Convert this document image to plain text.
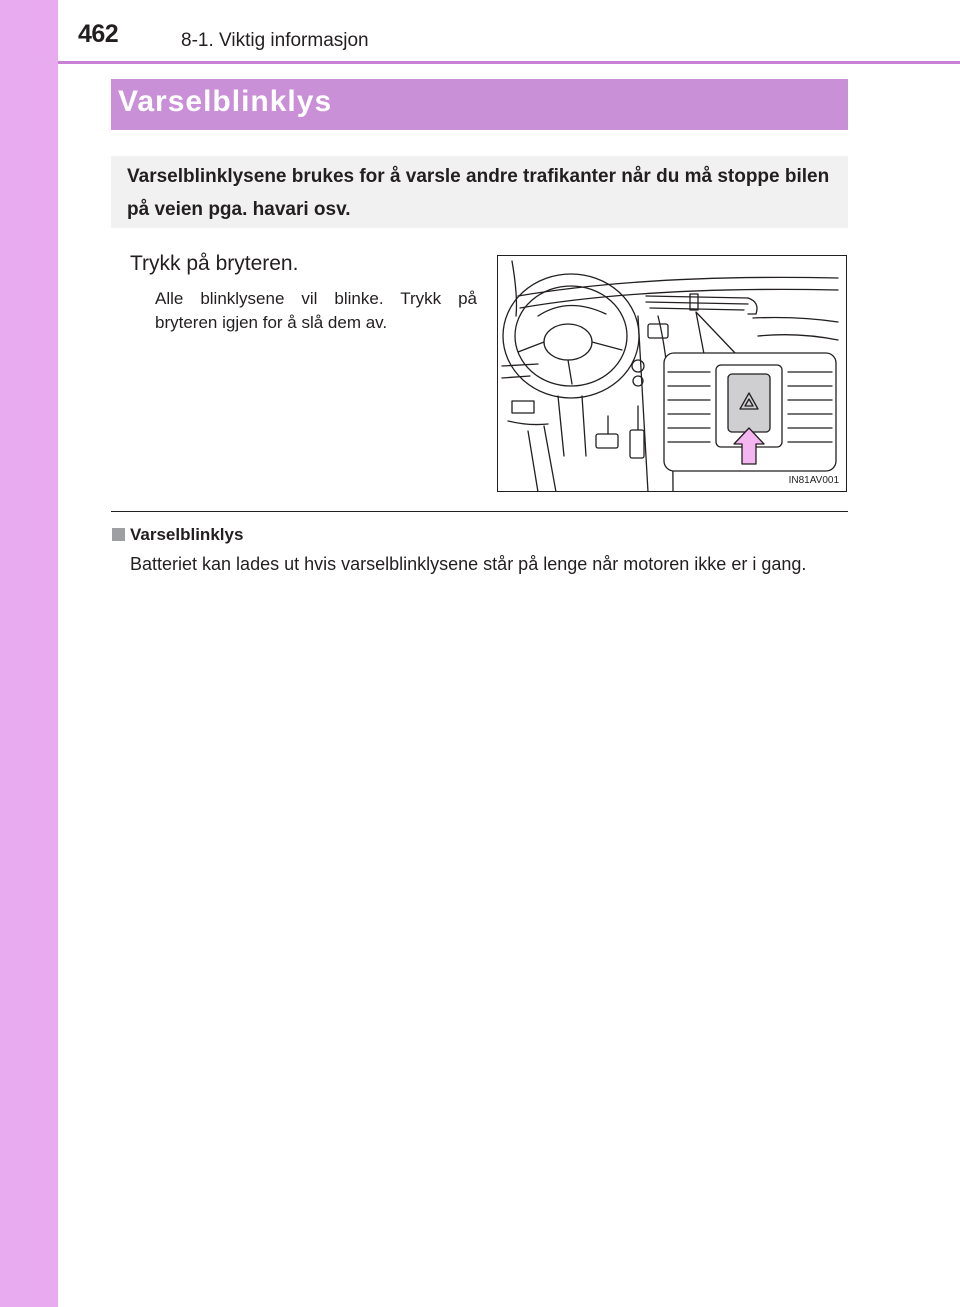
462	8-1. Viktig informasjon
Varselblinklys
Varselblinklysene brukes for å varsle andre trafikanter når du må stoppe bilen på veien pga. havari osv.
Trykk på bryteren.
Alle blinklysene vil blinke. Trykk på bryteren igjen for å slå dem av.
IN81AV001
Varselblinklys
Batteriet kan lades ut hvis varselblinklysene står på lenge når motoren ikke er i gang.
